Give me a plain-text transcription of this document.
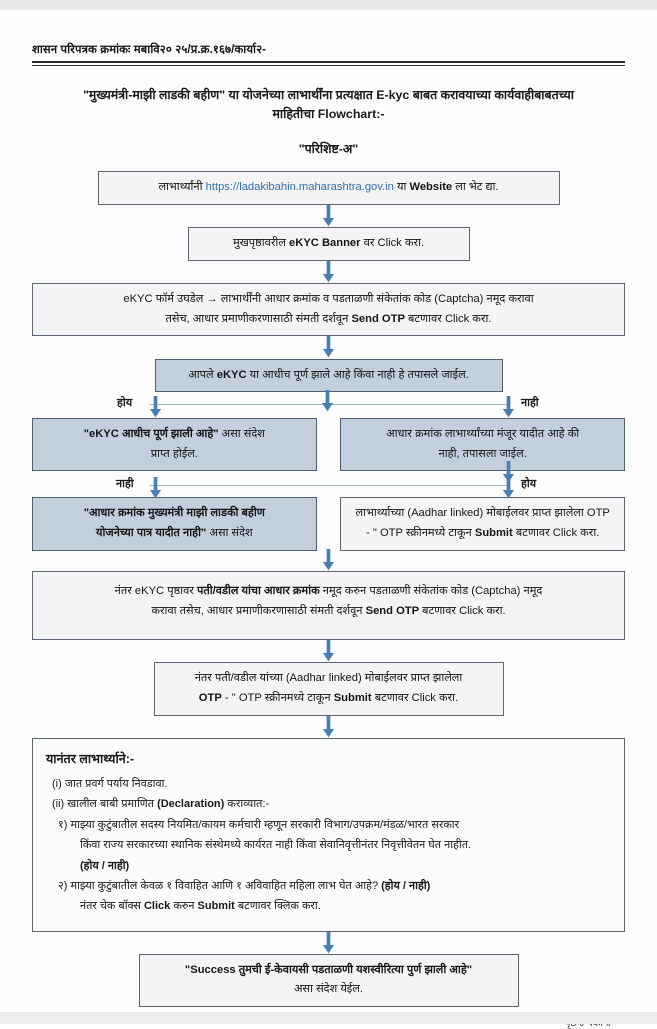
शासन परिपत्रक क्रमांकः मबावि२० २५/प्र.क्र.१६७/कार्या२-
"मुख्यमंत्री-माझी लाडकी बहीण" या योजनेच्या लाभार्थींना प्रत्यक्षात E-kyc बाबत करावयाच्या कार्यवाहीबाबतच्या
माहितीचा Flowchart:-
"परिशिष्ट-अ"
लाभार्थ्यांनी https://ladakibahin.maharashtra.gov.in या Website ला भेट द्या.
मुखपृष्ठावरील eKYC Banner वर Click करा.
eKYC फॉर्म उघडेल → लाभार्थींनी आधार क्रमांक व पडताळणी संकेतांक कोड (Captcha) नमूद करावा
तसेच, आधार प्रमाणीकरणासाठी संमती दर्शवून Send OTP बटणावर Click करा.
आपले eKYC या आधीच पूर्ण झाले आहे किंवा नाही हे तपासले जाईल.
होय	नाही
"eKYC आधीच पूर्ण झाली आहे" असा संदेश
प्राप्त होईल.
आधार क्रमांक लाभार्थ्यांच्या मंजूर यादीत आहे की
नाही, तपासला जाईल.
नाही	होय
"आधार क्रमांक मुख्यमंत्री माझी लाडकी बहीण
योजनेच्या पात्र यादीत नाही" असा संदेश
लाभार्थ्याच्या (Aadhar linked) मोबाईलवर प्राप्त झालेला OTP
- " OTP स्क्रीनमध्ये टाकून Submit बटणावर Click करा.
नंतर eKYC पृष्ठावर पती/वडील यांचा आधार क्रमांक नमूद करुन पडताळणी संकेतांक कोड (Captcha) नमूद
करावा तसेच, आधार प्रमाणीकरणासाठी संमती दर्शवून Send OTP बटणावर Click करा.
नंतर पती/वडील यांच्या (Aadhar linked) मोबाईलवर प्राप्त झालेला
OTP - " OTP स्क्रीनमध्ये टाकून Submit बटणावर Click करा.
यानंतर लाभार्थ्याने:-
(i) जात प्रवर्ग पर्याय निवडावा.
(ii) खालील बाबी प्रमाणित (Declaration) कराव्यात:-
१) माझ्या कुटुंबातील सदस्य नियमित/कायम कर्मचारी म्हणून सरकारी विभाग/उपक्रम/मंडळ/भारत सरकार
किंवा राज्य सरकारच्या स्थानिक संस्थेमध्ये कार्यरत नाही किंवा सेवानिवृत्तीनंतर निवृत्तीवेतन घेत नाहीत.
(होय / नाही)
२) माझ्या कुटुंबातील केवळ १ विवाहित आणि १ अविवाहित महिला लाभ घेत आहे? (होय / नाही)
नंतर चेक बॉक्स Click करुन Submit बटणावर क्लिक करा.
"Success तुमची ई-केवायसी पडताळणी यशस्वीरित्या पुर्ण झाली आहे"
असा संदेश येईल.
